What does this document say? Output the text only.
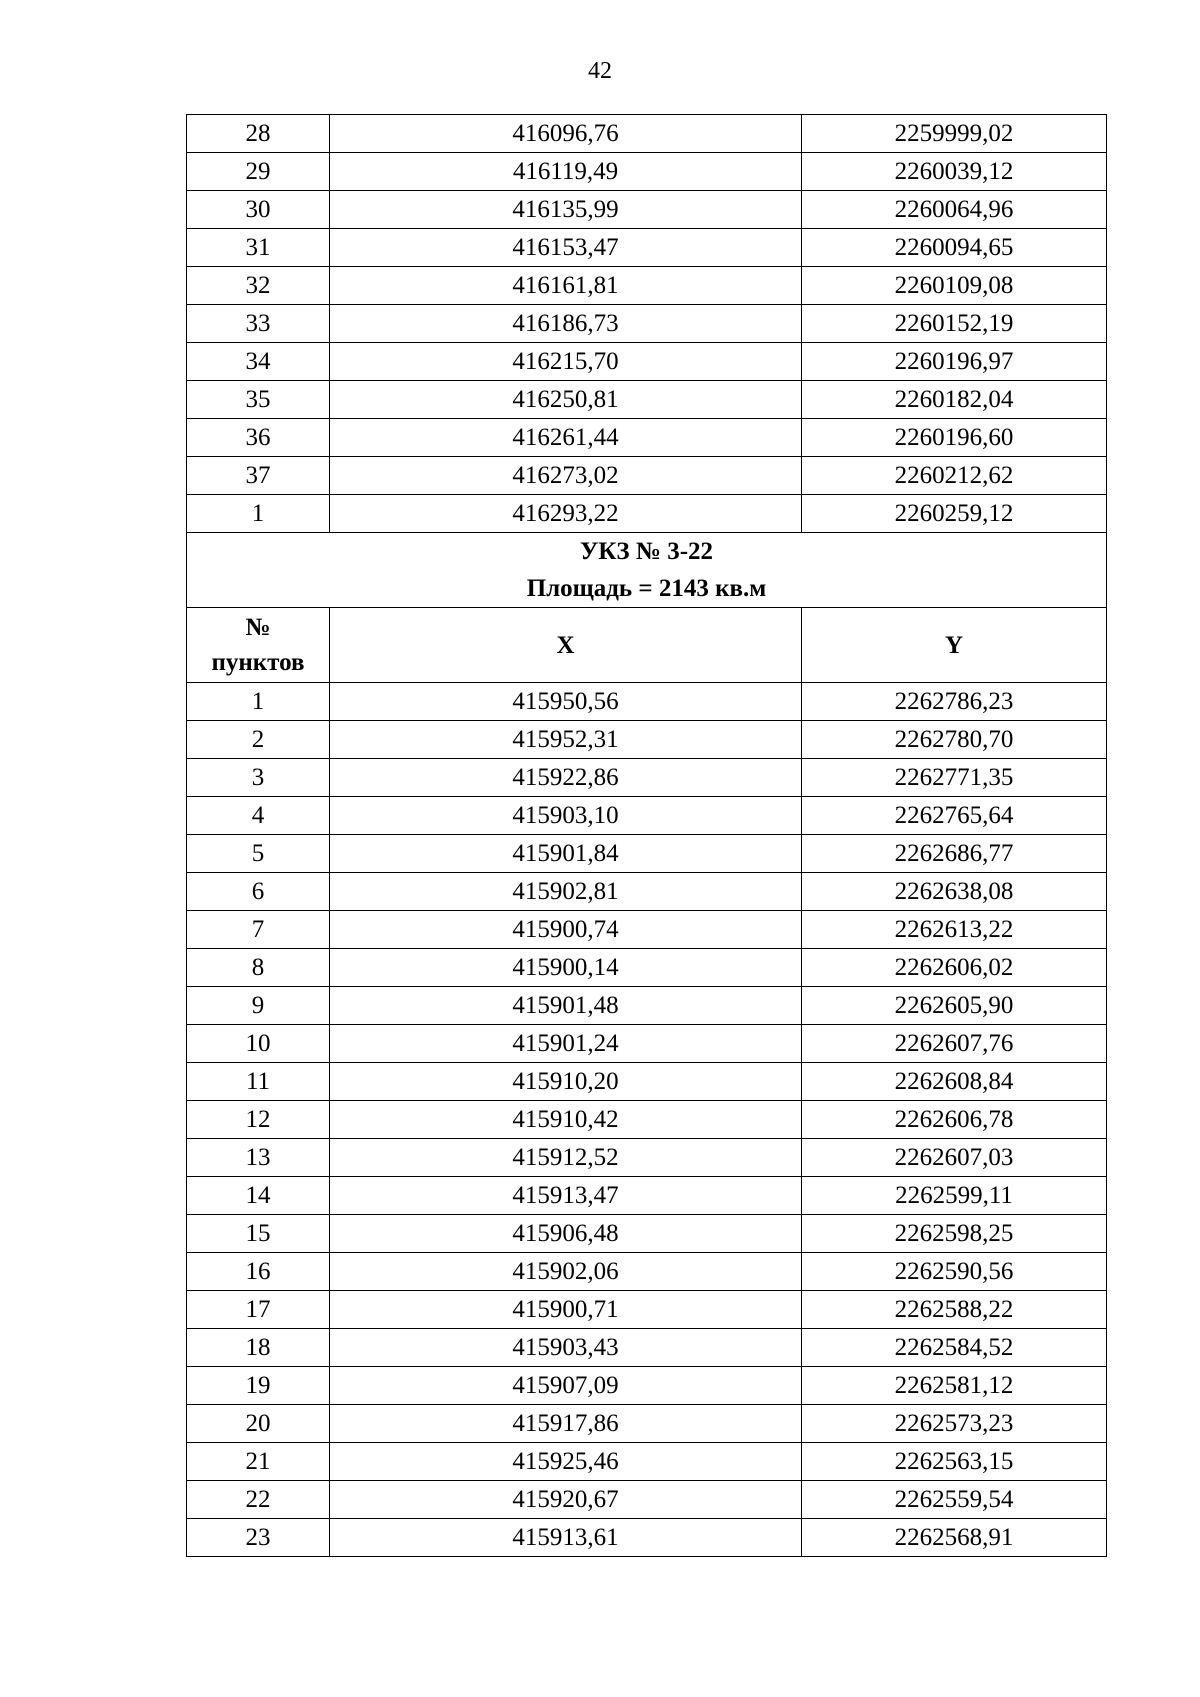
42
28	416096,76	2259999,02
29	416119,49	2260039,12
30	416135,99	2260064,96
31	416153,47	2260094,65
32	416161,81	2260109,08
33	416186,73	2260152,19
34	416215,70	2260196,97
35	416250,81	2260182,04
36	416261,44	2260196,60
37	416273,02	2260212,62
1	416293,22	2260259,12

УКЗ № 3-22
Площадь = 2143 кв.м		

№
пунктов	X	Y
1	415950,56	2262786,23
2	415952,31	2262780,70
3	415922,86	2262771,35
4	415903,10	2262765,64
5	415901,84	2262686,77
6	415902,81	2262638,08
7	415900,74	2262613,22
8	415900,14	2262606,02
9	415901,48	2262605,90
10	415901,24	2262607,76
11	415910,20	2262608,84
12	415910,42	2262606,78
13	415912,52	2262607,03
14	415913,47	2262599,11
15	415906,48	2262598,25
16	415902,06	2262590,56
17	415900,71	2262588,22
18	415903,43	2262584,52
19	415907,09	2262581,12
20	415917,86	2262573,23
21	415925,46	2262563,15
22	415920,67	2262559,54
23	415913,61	2262568,91
